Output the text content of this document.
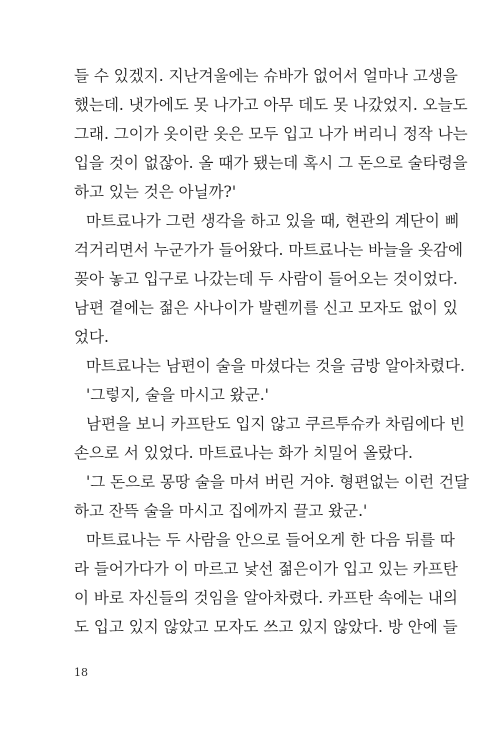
들 수 있겠지. 지난겨울에는 슈바가 없어서 얼마나 고생을
했는데. 냇가에도 못 나가고 아무 데도 못 나갔었지. 오늘도
그래. 그이가 옷이란 옷은 모두 입고 나가 버리니 정작 나는
입을 것이 없잖아. 올 때가 됐는데 혹시 그 돈으로 술타령을
하고 있는 것은 아닐까?'
마트료나가 그런 생각을 하고 있을 때, 현관의 계단이 삐
걱거리면서 누군가가 들어왔다. 마트료나는 바늘을 옷감에
꽂아 놓고 입구로 나갔는데 두 사람이 들어오는 것이었다.
남편 곁에는 젊은 사나이가 발렌끼를 신고 모자도 없이 있
었다.
마트료나는 남편이 술을 마셨다는 것을 금방 알아차렸다.
'그렇지, 술을 마시고 왔군.'
남편을 보니 카프탄도 입지 않고 쿠르투슈카 차림에다 빈
손으로 서 있었다. 마트료나는 화가 치밀어 올랐다.
'그 돈으로 몽땅 술을 마셔 버린 거야. 형편없는 이런 건달
하고 잔뜩 술을 마시고 집에까지 끌고 왔군.'
마트료나는 두 사람을 안으로 들어오게 한 다음 뒤를 따
라 들어가다가 이 마르고 낯선 젊은이가 입고 있는 카프탄
이 바로 자신들의 것임을 알아차렸다. 카프탄 속에는 내의
도 입고 있지 않았고 모자도 쓰고 있지 않았다. 방 안에 들
18
